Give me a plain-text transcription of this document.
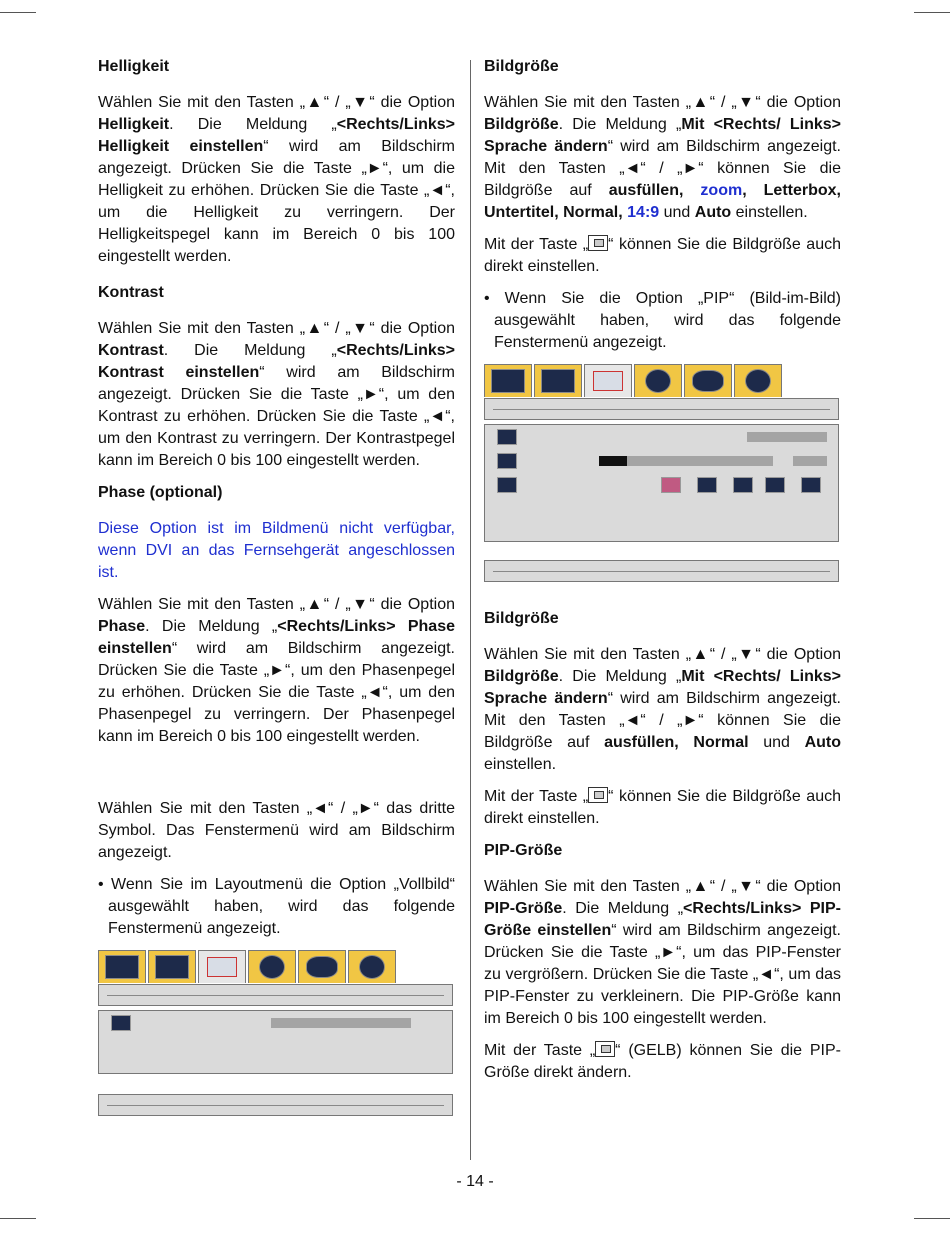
Helligkeit

Wählen Sie mit den Tasten „▲“ / „▼“ die Option Helligkeit. Die Meldung „<Rechts/Links> Helligkeit einstellen“ wird am Bildschirm angezeigt. Drücken Sie die Taste „►“, um die Helligkeit zu erhöhen. Drücken Sie die Taste „◄“, um die Helligkeit zu verringern. Der Helligkeitspegel kann im Bereich 0 bis 100 eingestellt werden.

Kontrast

Wählen Sie mit den Tasten „▲“ / „▼“ die Option Kontrast. Die Meldung „<Rechts/Links> Kontrast einstellen“ wird am Bildschirm angezeigt. Drücken Sie die Taste „►“, um den Kontrast zu erhöhen. Drücken Sie die Taste „◄“, um den Kontrast zu verringern. Der Kontrastpegel kann im Bereich 0 bis 100 eingestellt werden.

Phase (optional)

Diese Option ist im Bildmenü nicht verfügbar, wenn DVI an das Fernsehgerät angeschlossen ist.

Wählen Sie mit den Tasten „▲“ / „▼“ die Option Phase. Die Meldung „<Rechts/Links> Phase einstellen“ wird am Bildschirm angezeigt. Drücken Sie die Taste „►“, um den Phasenpegel zu erhöhen. Drücken Sie die Taste „◄“, um den Phasenpegel zu verringern. Der Phasenpegel kann im Bereich 0 bis 100 eingestellt werden.

Wählen Sie mit den Tasten „◄“ / „►“ das dritte Symbol. Das Fenstermenü wird am Bildschirm angezeigt.

• Wenn Sie im Layoutmenü die Option „Vollbild“ ausgewählt haben, wird das folgende Fenstermenü angezeigt.
Bildgröße

Wählen Sie mit den Tasten „▲“ / „▼“ die Option Bildgröße. Die Meldung „Mit <Rechts/ Links> Sprache ändern“ wird am Bildschirm angezeigt. Mit den Tasten „◄“ / „►“ können Sie die Bildgröße auf ausfüllen, zoom, Letterbox, Untertitel, Normal, 14:9 und Auto einstellen.

Mit der Taste „ “ können Sie die Bildgröße auch direkt einstellen.

• Wenn Sie die Option „PIP“ (Bild-im-Bild) ausgewählt haben, wird das folgende Fenstermenü angezeigt.
Bildgröße

Wählen Sie mit den Tasten „▲“ / „▼“ die Option Bildgröße. Die Meldung „Mit <Rechts/ Links> Sprache ändern“ wird am Bildschirm angezeigt. Mit den Tasten „◄“ / „►“ können Sie die Bildgröße auf ausfüllen, Normal und Auto einstellen.

Mit der Taste „ “ können Sie die Bildgröße auch direkt einstellen.

PIP-Größe

Wählen Sie mit den Tasten „▲“ / „▼“ die Option PIP-Größe. Die Meldung „<Rechts/Links> PIP-Größe einstellen“ wird am Bildschirm angezeigt. Drücken Sie die Taste „►“, um das PIP-Fenster zu vergrößern. Drücken Sie die Taste „◄“, um das PIP-Fenster zu verkleinern. Die PIP-Größe kann im Bereich 0 bis 100 eingestellt werden.

Mit der Taste „ “ (GELB) können Sie die PIP-Größe direkt ändern.

- 14 -
